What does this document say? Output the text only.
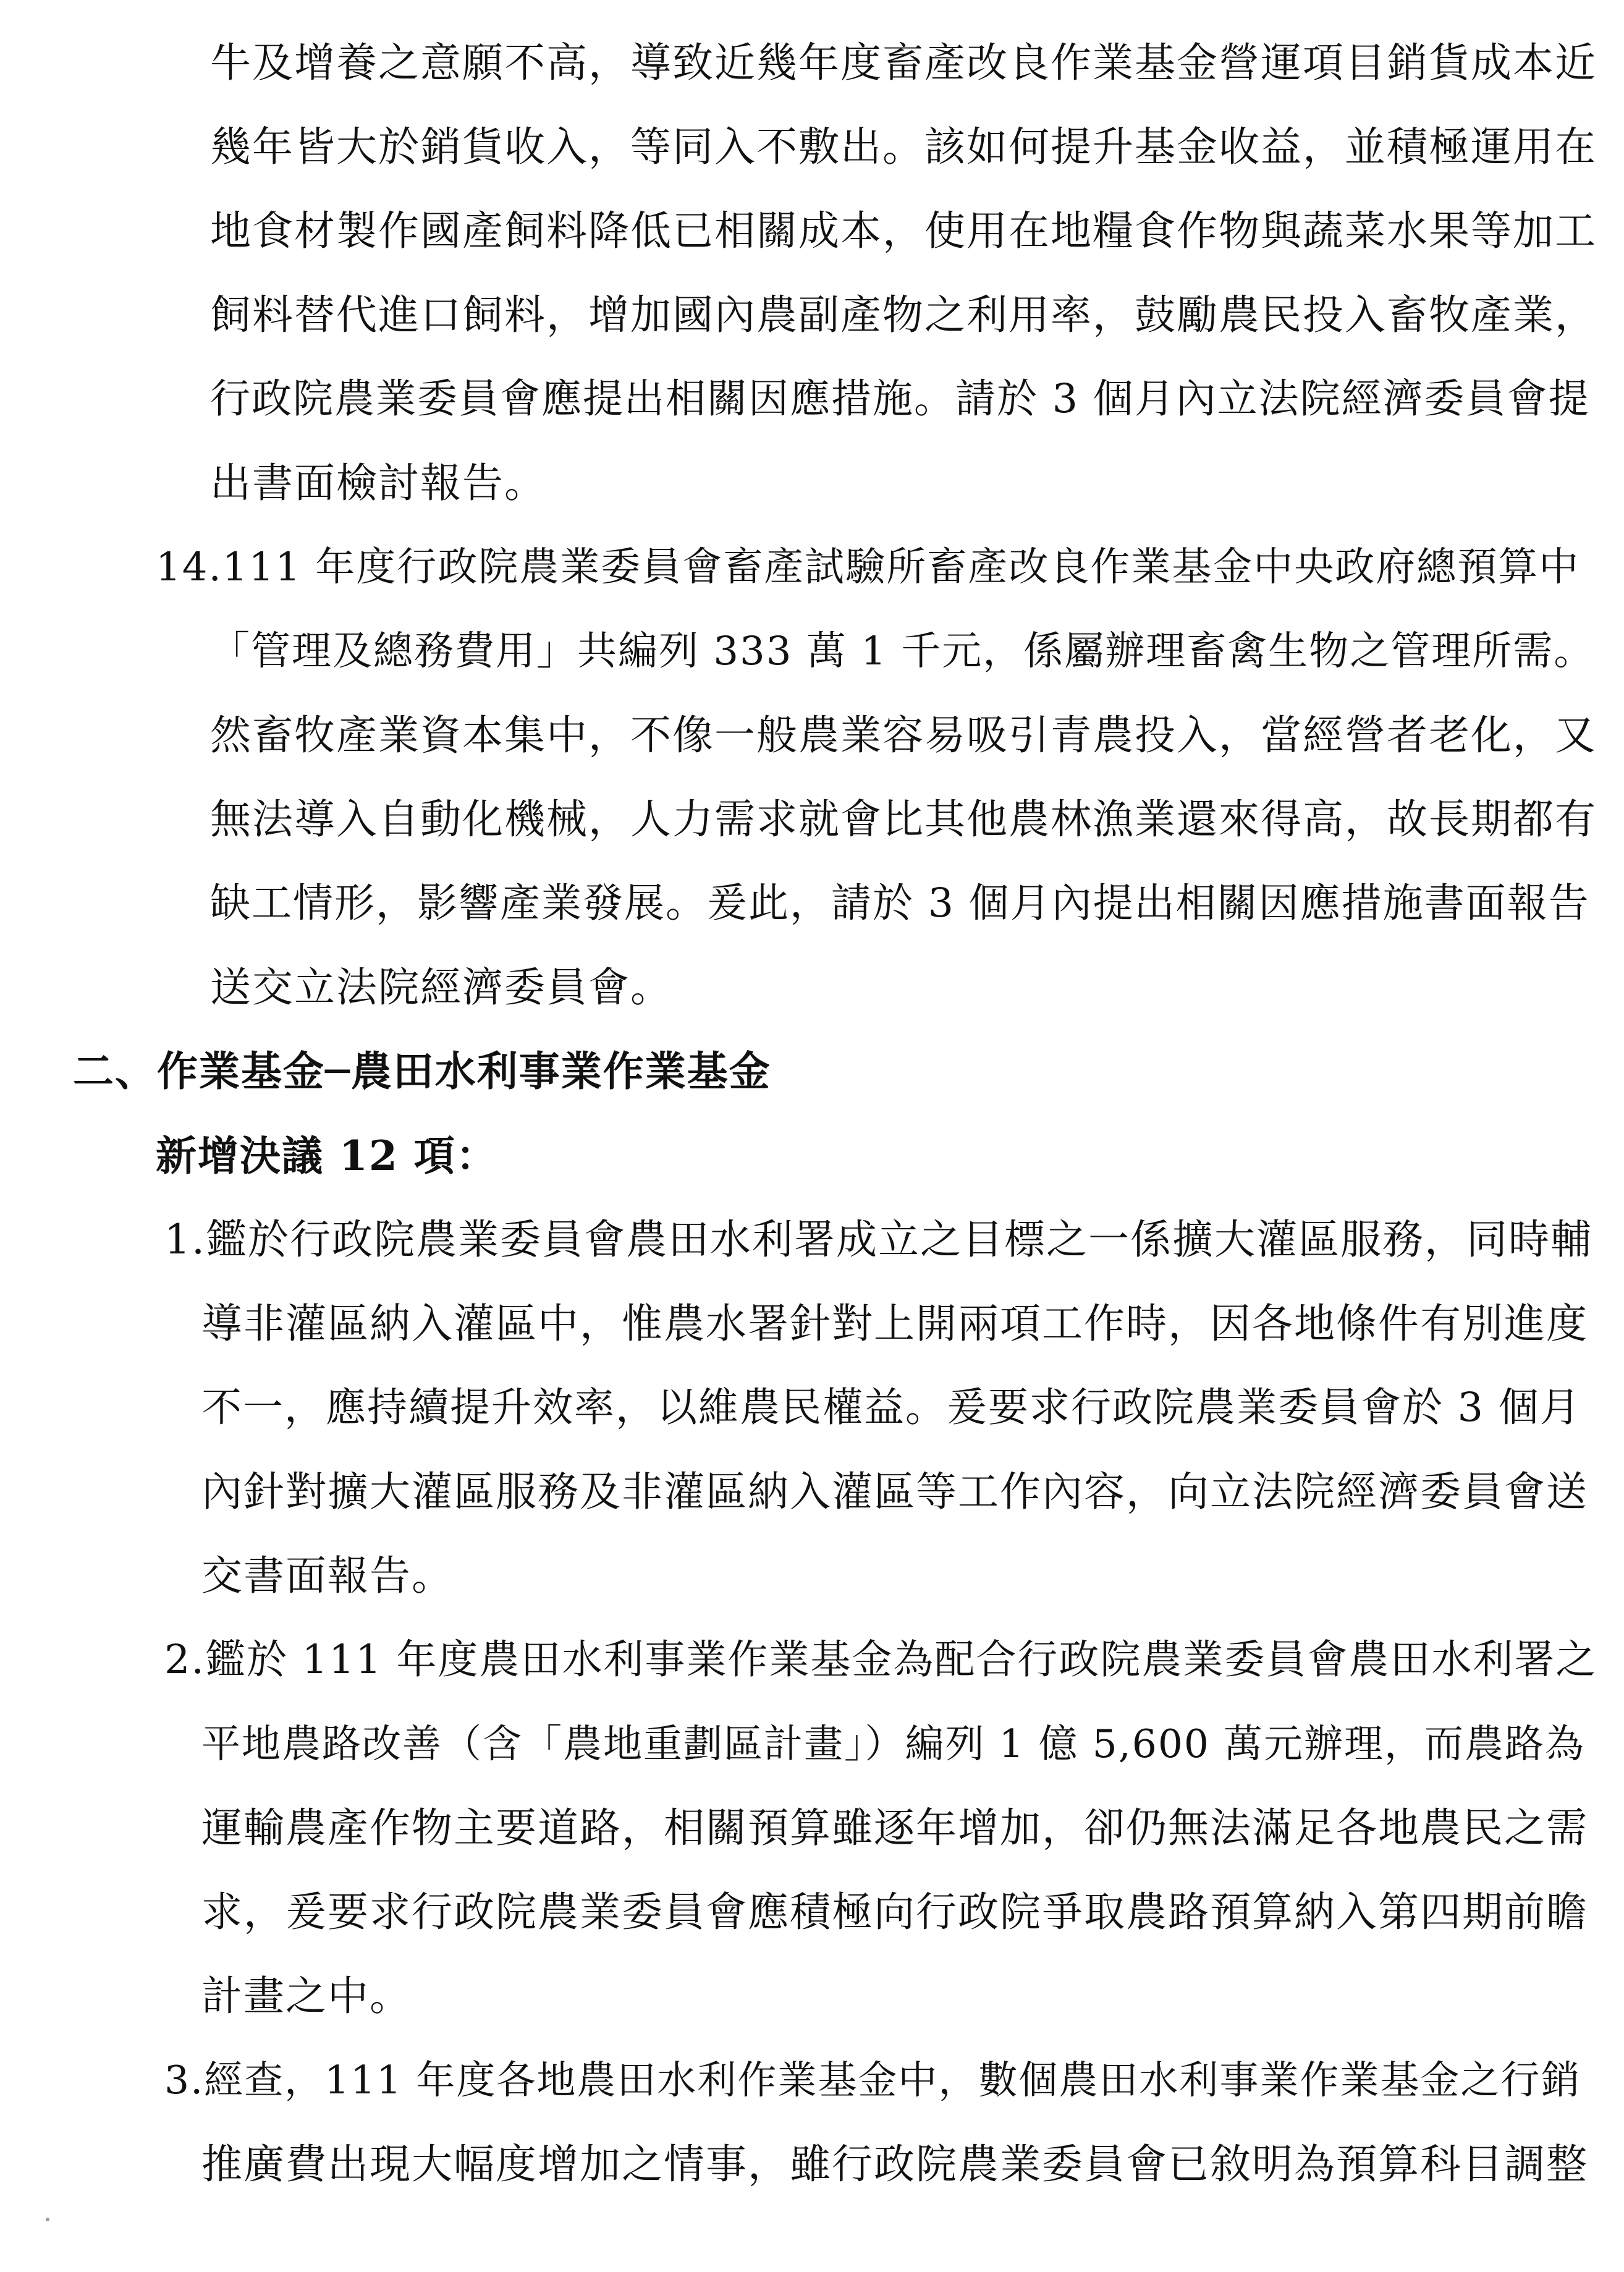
牛及增養之意願不高，導致近幾年度畜產改良作業基金營運項目銷貨成本近
幾年皆大於銷貨收入，等同入不敷出。該如何提升基金收益，並積極運用在
地食材製作國產飼料降低已相關成本，使用在地糧食作物與蔬菜水果等加工
飼料替代進口飼料，增加國內農副產物之利用率，鼓勵農民投入畜牧產業，
行政院農業委員會應提出相關因應措施。請於 3 個月內立法院經濟委員會提
出書面檢討報告。
14.111 年度行政院農業委員會畜產試驗所畜產改良作業基金中央政府總預算中
「管理及總務費用」共編列 333 萬 1 千元，係屬辦理畜禽生物之管理所需。
然畜牧產業資本集中，不像一般農業容易吸引青農投入，當經營者老化，又
無法導入自動化機械，人力需求就會比其他農林漁業還來得高，故長期都有
缺工情形，影響產業發展。爰此，請於 3 個月內提出相關因應措施書面報告
送交立法院經濟委員會。
二、作業基金─農田水利事業作業基金
新增決議 12 項：
1.鑑於行政院農業委員會農田水利署成立之目標之一係擴大灌區服務，同時輔
導非灌區納入灌區中，惟農水署針對上開兩項工作時，因各地條件有別進度
不一，應持續提升效率，以維農民權益。爰要求行政院農業委員會於 3 個月
內針對擴大灌區服務及非灌區納入灌區等工作內容，向立法院經濟委員會送
交書面報告。
2.鑑於 111 年度農田水利事業作業基金為配合行政院農業委員會農田水利署之
平地農路改善（含「農地重劃區計畫」）編列 1 億 5,600 萬元辦理，而農路為
運輸農產作物主要道路，相關預算雖逐年增加，卻仍無法滿足各地農民之需
求，爰要求行政院農業委員會應積極向行政院爭取農路預算納入第四期前瞻
計畫之中。
3.經查，111 年度各地農田水利作業基金中，數個農田水利事業作業基金之行銷
推廣費出現大幅度增加之情事，雖行政院農業委員會已敘明為預算科目調整
